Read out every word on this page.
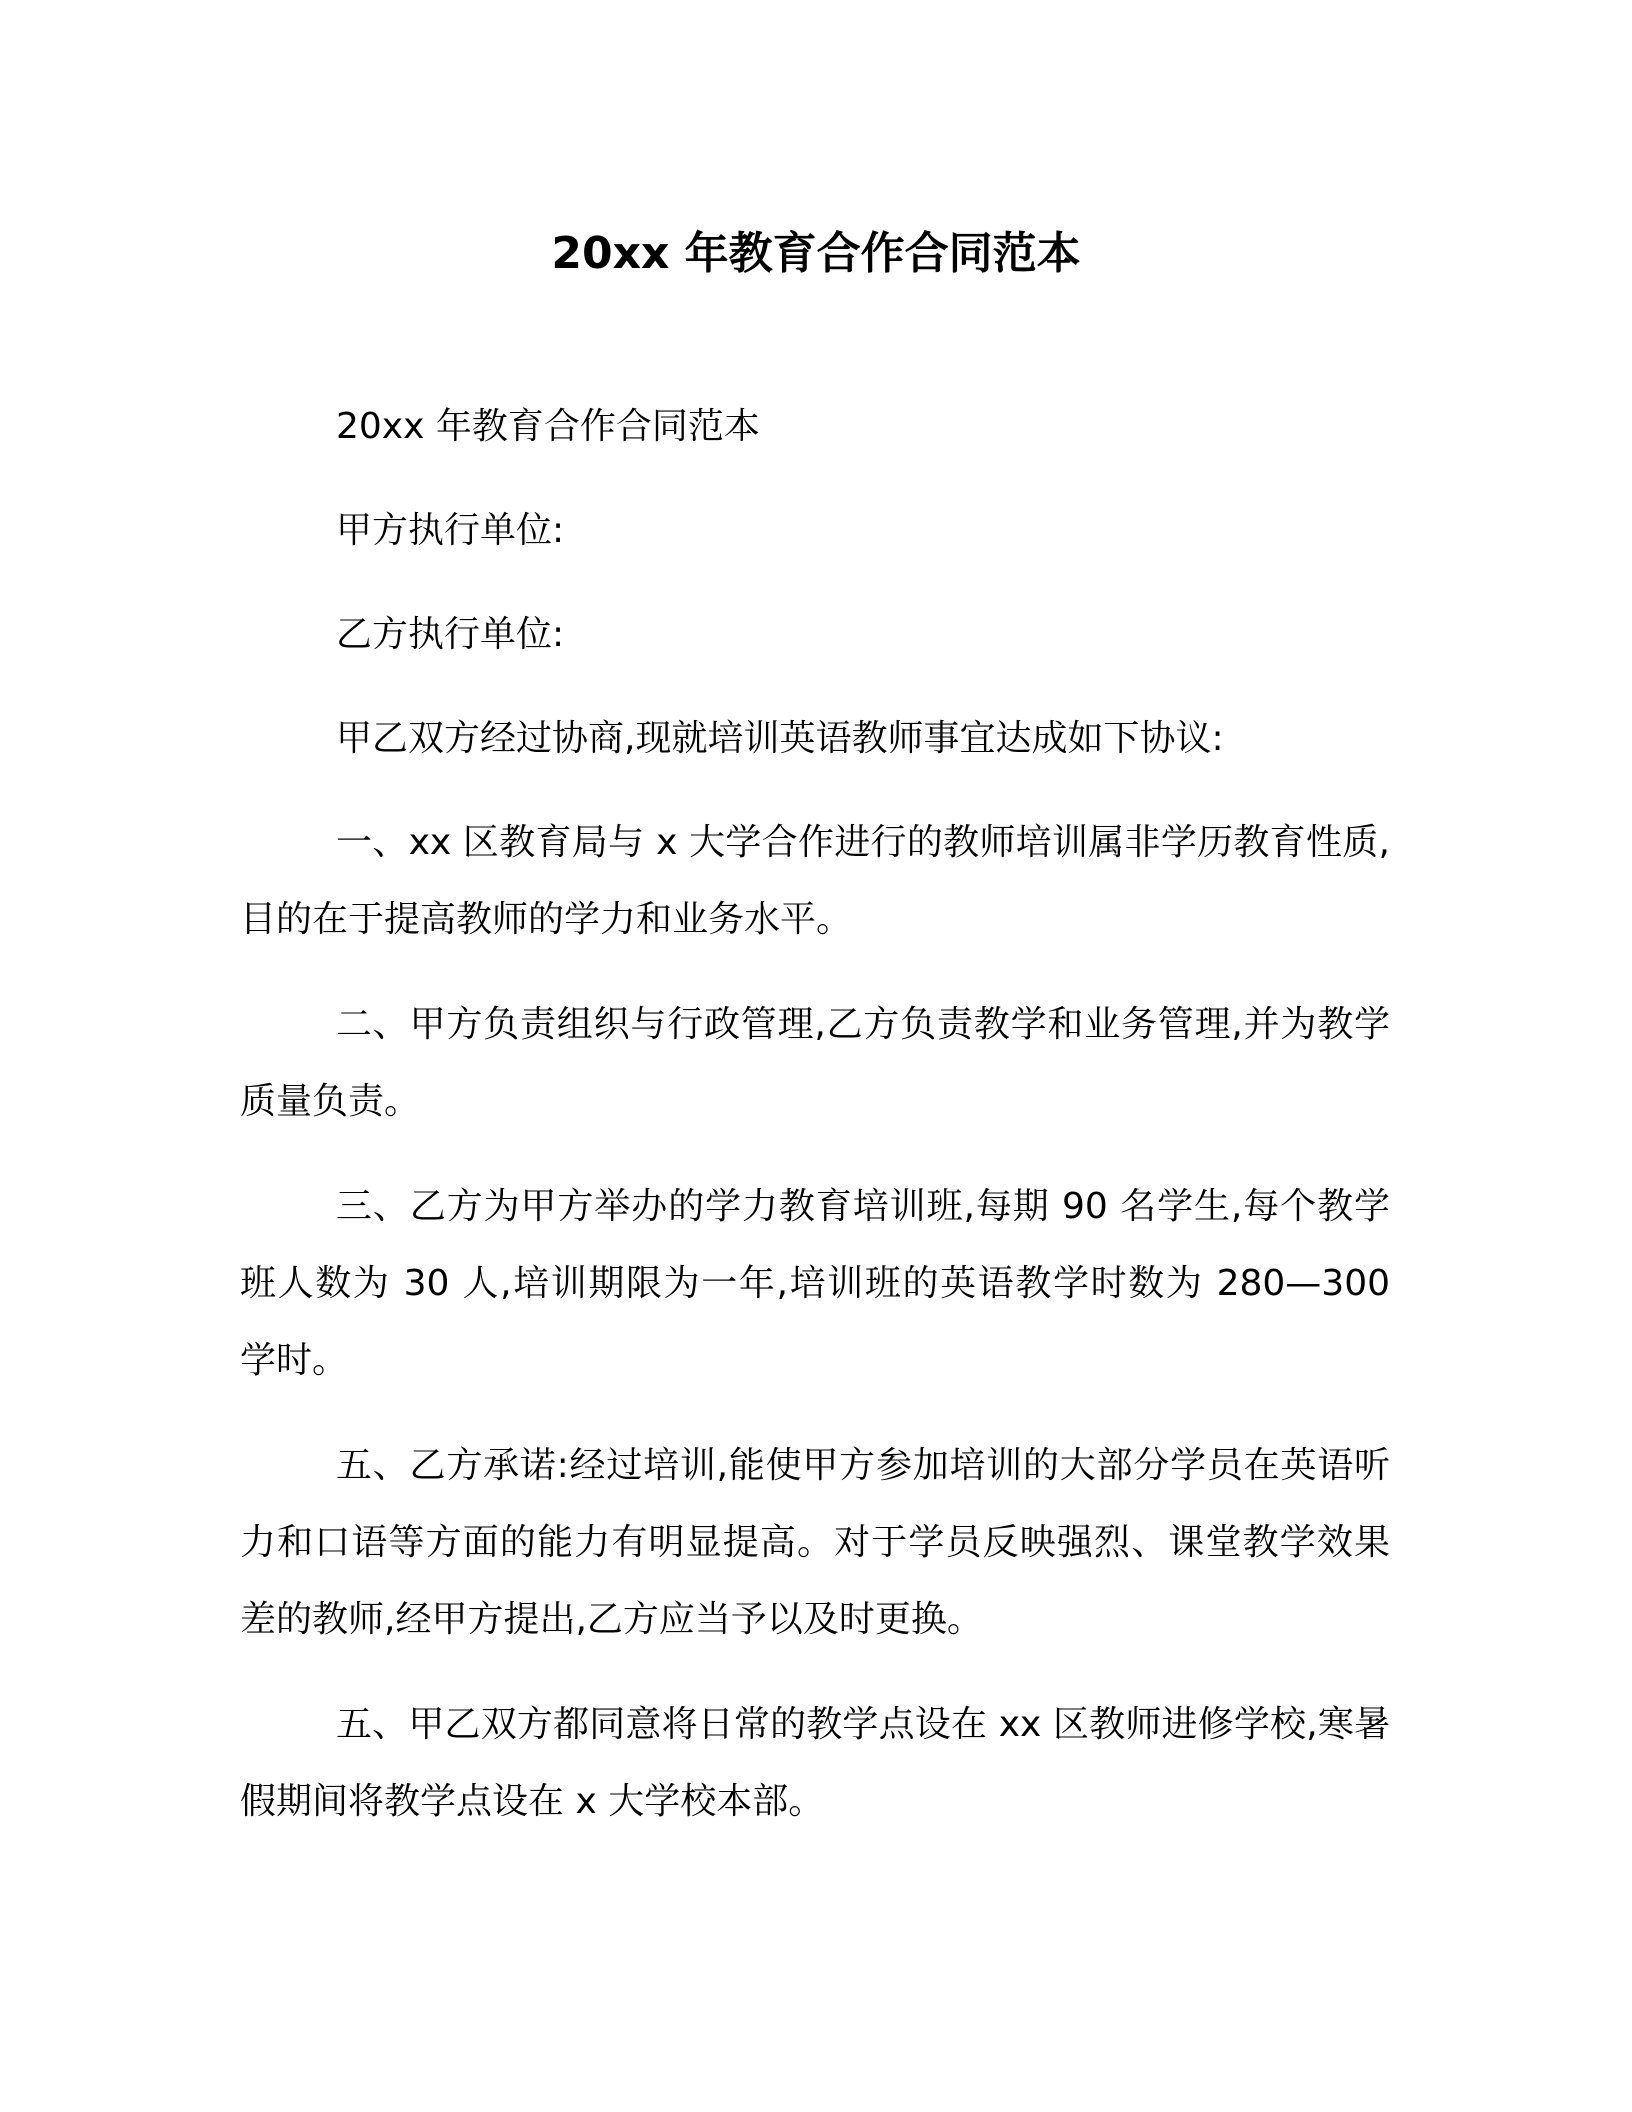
20xx 年教育合作合同范本

20xx 年教育合作合同范本

甲方执行单位:

乙方执行单位:

甲乙双方经过协商,现就培训英语教师事宜达成如下协议:

一、xx 区教育局与 x 大学合作进行的教师培训属非学历教育性质,目的在于提高教师的学力和业务水平。

二、甲方负责组织与行政管理,乙方负责教学和业务管理,并为教学质量负责。

三、乙方为甲方举办的学力教育培训班,每期 90 名学生,每个教学班人数为 30 人,培训期限为一年,培训班的英语教学时数为 280—300 学时。

五、乙方承诺:经过培训,能使甲方参加培训的大部分学员在英语听力和口语等方面的能力有明显提高。对于学员反映强烈、课堂教学效果差的教师,经甲方提出,乙方应当予以及时更换。

五、甲乙双方都同意将日常的教学点设在 xx 区教师进修学校,寒暑假期间将教学点设在 x 大学校本部。
